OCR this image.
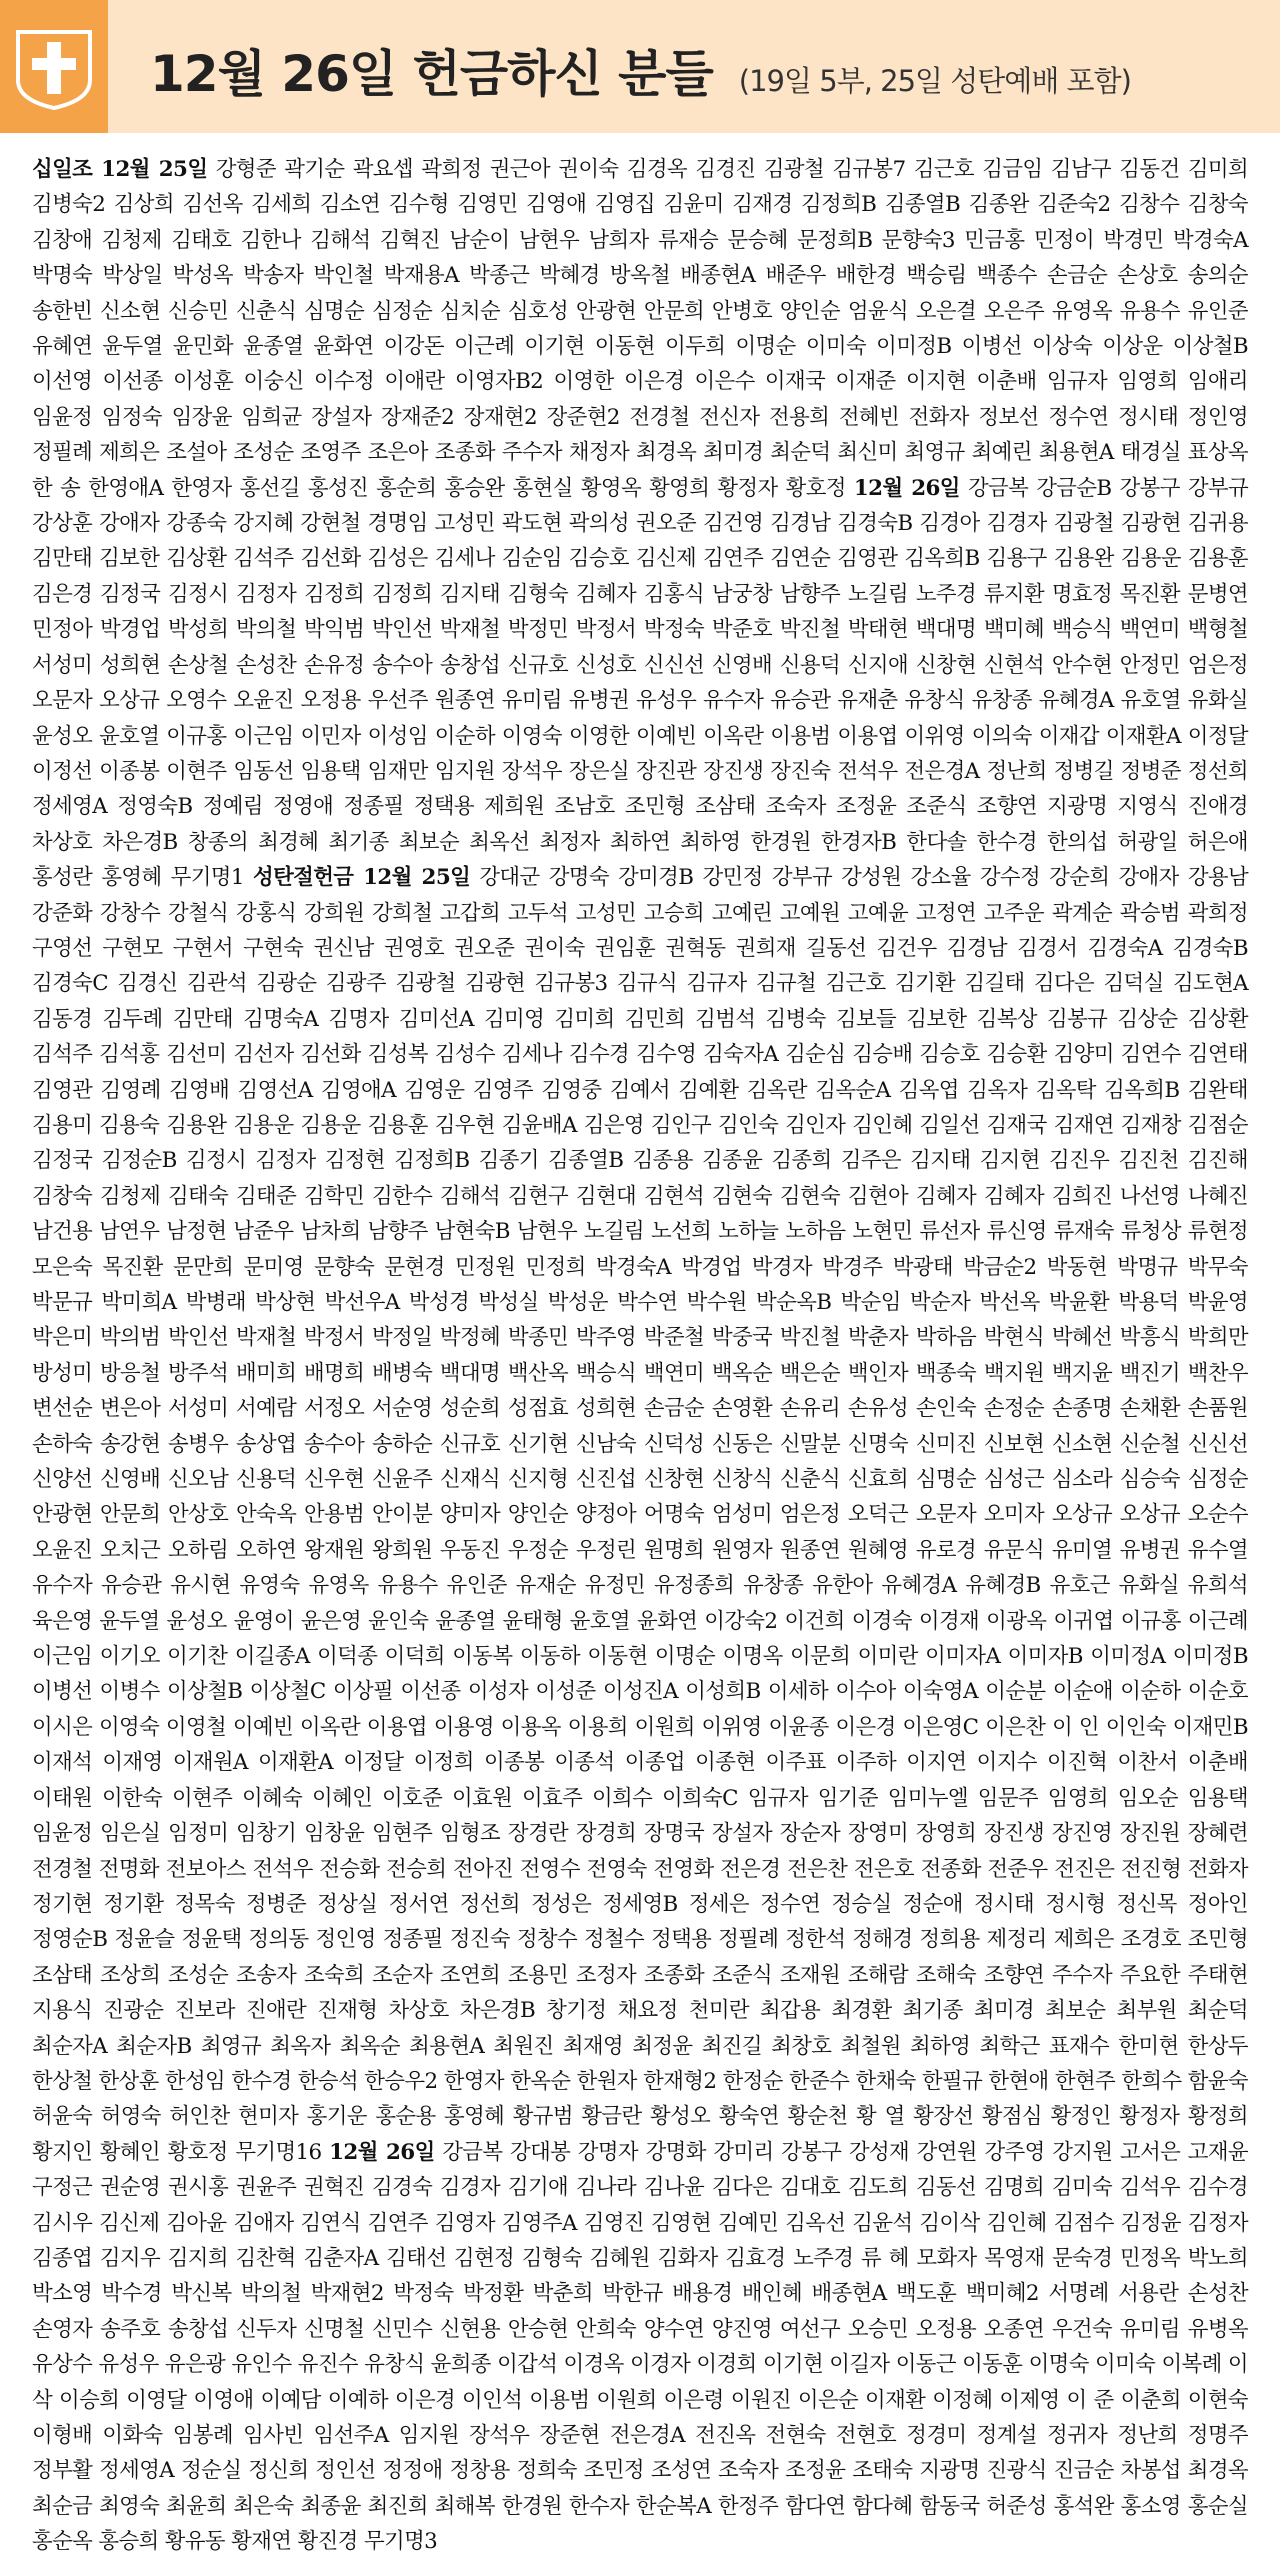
12월 26일 헌금하신 분들 (19일 5부, 25일 성탄예배 포함)
십일조 12월 25일 강형준 곽기순 곽요셉 곽희정 권근아 권이숙 김경옥 김경진 김광철 김규봉7 김근호 김금임 김남구 김동건 김미희 김병숙2 김상희 김선옥 김세희 김소연 김수형 김영민 김영애 김영집 김윤미 김재경 김정희B 김종열B 김종완 김준숙2 김창수 김창숙 김창애 김청제 김태호 김한나 김해석 김혁진 남순이 남현우 남희자 류재승 문승혜 문정희B 문향숙3 민금홍 민정이 박경민 박경숙A 박명숙 박상일 박성옥 박송자 박인철 박재용A 박종근 박혜경 방옥철 배종현A 배준우 배한경 백승림 백종수 손금순 손상호 송의순 송한빈 신소현 신승민 신춘식 심명순 심정순 심치순 심호성 안광현 안문희 안병호 양인순 엄윤식 오은결 오은주 유영옥 유용수 유인준 유혜연 윤두열 윤민화 윤종열 윤화연 이강돈 이근례 이기현 이동현 이두희 이명순 이미숙 이미정B 이병선 이상숙 이상운 이상철B 이선영 이선종 이성훈 이숭신 이수정 이애란 이영자B2 이영한 이은경 이은수 이재국 이재준 이지현 이춘배 임규자 임영희 임애리 임윤정 임정숙 임장윤 임희균 장설자 장재준2 장재현2 장준현2 전경철 전신자 전용희 전혜빈 전화자 정보선 정수연 정시태 정인영 정필례 제희은 조설아 조성순 조영주 조은아 조종화 주수자 채정자 최경옥 최미경 최순덕 최신미 최영규 최예린 최용현A 태경실 표상옥 한 송 한영애A 한영자 홍선길 홍성진 홍순희 홍승완 홍현실 황영옥 황영희 황정자 황호정 12월 26일 강금복 강금순B 강봉구 강부규 강상훈 강애자 강종숙 강지혜 강현철 경명임 고성민 곽도현 곽의성 권오준 김건영 김경남 김경숙B 김경아 김경자 김광철 김광현 김귀용 김만태 김보한 김상환 김석주 김선화 김성은 김세나 김순임 김승호 김신제 김연주 김연순 김영관 김옥희B 김용구 김용완 김용운 김용훈 김은경 김정국 김정시 김정자 김정희 김정희 김지태 김형숙 김혜자 김홍식 남궁창 남향주 노길림 노주경 류지환 명효정 목진환 문병연 민정아 박경업 박성희 박의철 박익범 박인선 박재철 박정민 박정서 박정숙 박준호 박진철 박태현 백대명 백미혜 백승식 백연미 백형철 서성미 성희현 손상철 손성찬 손유정 송수아 송창섭 신규호 신성호 신신선 신영배 신용덕 신지애 신창현 신현석 안수현 안정민 엄은정 오문자 오상규 오영수 오윤진 오정용 우선주 원종연 유미림 유병권 유성우 유수자 유승관 유재춘 유창식 유창종 유혜경A 유호열 유화실 윤성오 윤호열 이규홍 이근임 이민자 이성임 이순하 이영숙 이영한 이예빈 이옥란 이용범 이용엽 이위영 이의숙 이재갑 이재환A 이정달 이정선 이종봉 이현주 임동선 임용택 임재만 임지원 장석우 장은실 장진관 장진생 장진숙 전석우 전은경A 정난희 정병길 정병준 정선희 정세영A 정영숙B 정예림 정영애 정종필 정택용 제희원 조남호 조민형 조삼태 조숙자 조정윤 조준식 조향연 지광명 지영식 진애경 차상호 차은경B 창종의 최경혜 최기종 최보순 최옥선 최정자 최하연 최하영 한경원 한경자B 한다솔 한수경 한의섭 허광일 허은애 홍성란 홍영혜 무기명1 성탄절헌금 12월 25일 강대군 강명숙 강미경B 강민정 강부규 강성원 강소율 강수정 강순희 강애자 강용남 강준화 강창수 강철식 강홍식 강희원 강희철 고갑희 고두석 고성민 고승희 고예린 고예원 고예윤 고정연 고주운 곽계순 곽승범 곽희정 구영선 구현모 구현서 구현숙 권신남 권영호 권오준 권이숙 권임훈 권혁동 권희재 길동선 김건우 김경남 김경서 김경숙A 김경숙B 김경숙C 김경신 김관석 김광순 김광주 김광철 김광현 김규봉3 김규식 김규자 김규철 김근호 김기환 김길태 김다은 김덕실 김도현A 김동경 김두례 김만태 김명숙A 김명자 김미선A 김미영 김미희 김민희 김범석 김병숙 김보들 김보한 김복상 김봉규 김상순 김상환 김석주 김석홍 김선미 김선자 김선화 김성복 김성수 김세나 김수경 김수영 김숙자A 김순심 김승배 김승호 김승환 김양미 김연수 김연태 김영관 김영례 김영배 김영선A 김영애A 김영운 김영주 김영중 김예서 김예환 김옥란 김옥순A 김옥엽 김옥자 김옥탁 김옥희B 김완태 김용미 김용숙 김용완 김용운 김용운 김용훈 김우현 김윤배A 김은영 김인구 김인숙 김인자 김인혜 김일선 김재국 김재연 김재창 김점순 김정국 김정순B 김정시 김정자 김정현 김정희B 김종기 김종열B 김종용 김종윤 김종희 김주은 김지태 김지현 김진우 김진천 김진해 김창숙 김청제 김태숙 김태준 김학민 김한수 김해석 김현구 김현대 김현석 김현숙 김현숙 김현아 김혜자 김혜자 김희진 나선영 나혜진 남건용 남연우 남정현 남준우 남차희 남향주 남현숙B 남현우 노길림 노선희 노하늘 노하음 노현민 류선자 류신영 류재숙 류청상 류현정 모은숙 목진환 문만희 문미영 문향숙 문현경 민정원 민정희 박경숙A 박경업 박경자 박경주 박광태 박금순2 박동현 박명규 박무숙 박문규 박미희A 박병래 박상현 박선우A 박성경 박성실 박성운 박수연 박수원 박순옥B 박순임 박순자 박선옥 박윤환 박용덕 박윤영 박은미 박의범 박인선 박재철 박정서 박정일 박정혜 박종민 박주영 박준철 박중국 박진철 박춘자 박하음 박현식 박혜선 박흥식 박희만 방성미 방응철 방주석 배미희 배명희 배병숙 백대명 백산옥 백승식 백연미 백옥순 백은순 백인자 백종숙 백지원 백지윤 백진기 백찬우 변선순 변은아 서성미 서예람 서정오 서순영 성순희 성점효 성희현 손금순 손영환 손유리 손유성 손인숙 손정순 손종명 손채환 손품원 손하숙 송강현 송병우 송상엽 송수아 송하순 신규호 신기현 신남숙 신덕성 신동은 신말분 신명숙 신미진 신보현 신소현 신순철 신신선 신양선 신영배 신오남 신용덕 신우현 신윤주 신재식 신지형 신진섭 신창현 신창식 신춘식 신효희 심명순 심성근 심소라 심승숙 심정순 안광현 안문희 안상호 안숙옥 안용범 안이분 양미자 양인순 양정아 어명숙 엄성미 엄은정 오덕근 오문자 오미자 오상규 오상규 오순수 오윤진 오치근 오하림 오하연 왕재원 왕희원 우동진 우정순 우정린 원명희 원영자 원종연 원혜영 유로경 유문식 유미열 유병권 유수열 유수자 유승관 유시현 유영숙 유영옥 유용수 유인준 유재순 유정민 유정종희 유창종 유한아 유혜경A 유혜경B 유호근 유화실 유희석 육은영 윤두열 윤성오 윤영이 윤은영 윤인숙 윤종열 윤태형 윤호열 윤화연 이강숙2 이건희 이경숙 이경재 이광옥 이귀엽 이규홍 이근례 이근임 이기오 이기찬 이길종A 이덕종 이덕희 이동복 이동하 이동현 이명순 이명옥 이문희 이미란 이미자A 이미자B 이미정A 이미정B 이병선 이병수 이상철B 이상철C 이상필 이선종 이성자 이성준 이성진A 이성희B 이세하 이수아 이숙영A 이순분 이순애 이순하 이순호 이시은 이영숙 이영철 이예빈 이옥란 이용엽 이용영 이용옥 이용희 이원희 이위영 이윤종 이은경 이은영C 이은찬 이 인 이인숙 이재민B 이재석 이재영 이재원A 이재환A 이정달 이정희 이종봉 이종석 이종업 이종현 이주표 이주하 이지연 이지수 이진혁 이찬서 이춘배 이태원 이한숙 이현주 이혜숙 이혜인 이호준 이효원 이효주 이희수 이희숙C 임규자 임기준 임미누엘 임문주 임영희 임오순 임용택 임윤정 임은실 임정미 임창기 임창윤 임현주 임형조 장경란 장경희 장명국 장설자 장순자 장영미 장영희 장진생 장진영 장진원 장혜련 전경철 전명화 전보아스 전석우 전승화 전승희 전아진 전영수 전영숙 전영화 전은경 전은찬 전은호 전종화 전준우 전진은 전진형 전화자 정기현 정기환 정목숙 정병준 정상실 정서연 정선희 정성은 정세영B 정세은 정수연 정승실 정순애 정시태 정시형 정신목 정아인 정영순B 정윤슬 정윤택 정의동 정인영 정종필 정진숙 정창수 정철수 정택용 정필례 정한석 정해경 정희용 제정리 제희은 조경호 조민형 조삼태 조상희 조성순 조송자 조숙희 조순자 조연희 조용민 조정자 조종화 조준식 조재원 조해람 조해숙 조향연 주수자 주요한 주태현 지용식 진광순 진보라 진애란 진재형 차상호 차은경B 창기정 채요정 천미란 최갑용 최경환 최기종 최미경 최보순 최부원 최순덕 최순자A 최순자B 최영규 최옥자 최옥순 최용현A 최원진 최재영 최정윤 최진길 최창호 최철원 최하영 최학근 표재수 한미현 한상두 한상철 한상훈 한성임 한수경 한승석 한승우2 한영자 한옥순 한원자 한재형2 한정순 한준수 한채숙 한필규 한현애 한현주 한희수 함윤숙 허윤숙 허영숙 허인찬 현미자 홍기운 홍순용 홍영혜 황규범 황금란 황성오 황숙연 황순천 황 열 황장선 황점심 황정인 황정자 황정희 황지인 황혜인 황호정 무기명16 12월 26일 강금복 강대봉 강명자 강명화 강미리 강봉구 강성재 강연원 강주영 강지원 고서은 고재윤 구정근 권순영 권시홍 권윤주 권혁진 김경숙 김경자 김기애 김나라 김나윤 김다은 김대호 김도희 김동선 김명희 김미숙 김석우 김수경 김시우 김신제 김아윤 김애자 김연식 김연주 김영자 김영주A 김영진 김영현 김예민 김옥선 김윤석 김이삭 김인혜 김점수 김정윤 김정자 김종엽 김지우 김지희 김찬혁 김춘자A 김태선 김현정 김형숙 김혜원 김화자 김효경 노주경 류 혜 모화자 목영재 문숙경 민정옥 박노희 박소영 박수경 박신복 박의철 박재현2 박정숙 박정환 박춘희 박한규 배용경 배인혜 배종현A 백도훈 백미혜2 서명례 서용란 손성찬 손영자 송주호 송창섭 신두자 신명철 신민수 신현용 안승현 안희숙 양수연 양진영 여선구 오승민 오정용 오종연 우건숙 유미림 유병옥 유상수 유성우 유은광 유인수 유진수 유창식 윤희종 이갑석 이경옥 이경자 이경희 이기현 이길자 이동근 이동훈 이명숙 이미숙 이복례 이 삭 이승희 이영달 이영애 이예담 이예하 이은경 이인석 이용범 이원희 이은령 이원진 이은순 이재환 이정혜 이제영 이 준 이춘희 이현숙 이형배 이화숙 임봉례 임사빈 임선주A 임지원 장석우 장준현 전은경A 전진옥 전현숙 전현호 정경미 정계설 정귀자 정난희 정명주 정부활 정세영A 정순실 정신희 정인선 정정애 정창용 정희숙 조민정 조성연 조숙자 조정윤 조태숙 지광명 진광식 진금순 차봉섭 최경옥 최순금 최영숙 최윤희 최은숙 최종윤 최진희 최해복 한경원 한수자 한순복A 한정주 함다연 함다혜 함동국 허준성 홍석완 홍소영 홍순실 홍순옥 홍승희 황유동 황재연 황진경 무기명3
